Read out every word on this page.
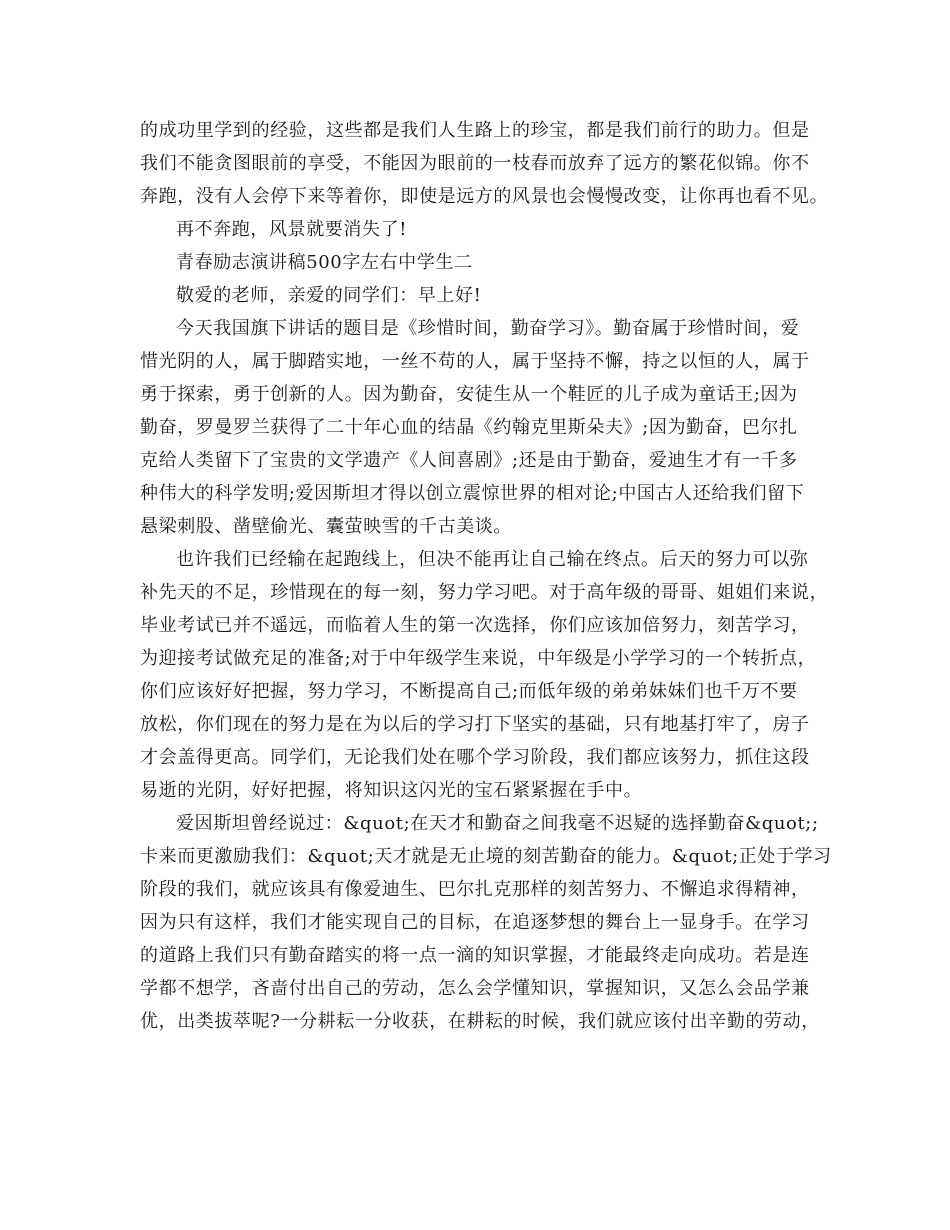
的成功里学到的经验，这些都是我们人生路上的珍宝，都是我们前行的助力。但是
我们不能贪图眼前的享受，不能因为眼前的一枝春而放弃了远方的繁花似锦。你不
奔跑，没有人会停下来等着你，即使是远方的风景也会慢慢改变，让你再也看不见。
再不奔跑，风景就要消失了!
青春励志演讲稿500字左右中学生二
敬爱的老师，亲爱的同学们：早上好!
今天我国旗下讲话的题目是《珍惜时间，勤奋学习》。勤奋属于珍惜时间，爱
惜光阴的人，属于脚踏实地，一丝不苟的人，属于坚持不懈，持之以恒的人，属于
勇于探索，勇于创新的人。因为勤奋，安徒生从一个鞋匠的儿子成为童话王;因为
勤奋，罗曼罗兰获得了二十年心血的结晶《约翰克里斯朵夫》;因为勤奋，巴尔扎
克给人类留下了宝贵的文学遗产《人间喜剧》;还是由于勤奋，爱迪生才有一千多
种伟大的科学发明;爱因斯坦才得以创立震惊世界的相对论;中国古人还给我们留下
悬梁刺股、凿壁偷光、囊萤映雪的千古美谈。
也许我们已经输在起跑线上，但决不能再让自己输在终点。后天的努力可以弥
补先天的不足，珍惜现在的每一刻，努力学习吧。对于高年级的哥哥、姐姐们来说，
毕业考试已并不遥远，而临着人生的第一次选择，你们应该加倍努力，刻苦学习，
为迎接考试做充足的准备;对于中年级学生来说，中年级是小学学习的一个转折点，
你们应该好好把握，努力学习，不断提高自己;而低年级的弟弟妹妹们也千万不要
放松，你们现在的努力是在为以后的学习打下坚实的基础，只有地基打牢了，房子
才会盖得更高。同学们，无论我们处在哪个学习阶段，我们都应该努力，抓住这段
易逝的光阴，好好把握，将知识这闪光的宝石紧紧握在手中。
爱因斯坦曾经说过：&quot;在天才和勤奋之间我毫不迟疑的选择勤奋&quot;;
卡来而更激励我们：&quot;天才就是无止境的刻苦勤奋的能力。&quot;正处于学习
阶段的我们，就应该具有像爱迪生、巴尔扎克那样的刻苦努力、不懈追求得精神，
因为只有这样，我们才能实现自己的目标，在追逐梦想的舞台上一显身手。在学习
的道路上我们只有勤奋踏实的将一点一滴的知识掌握，才能最终走向成功。若是连
学都不想学，吝啬付出自己的劳动，怎么会学懂知识，掌握知识，又怎么会品学兼
优，出类拔萃呢?一分耕耘一分收获，在耕耘的时候，我们就应该付出辛勤的劳动，
